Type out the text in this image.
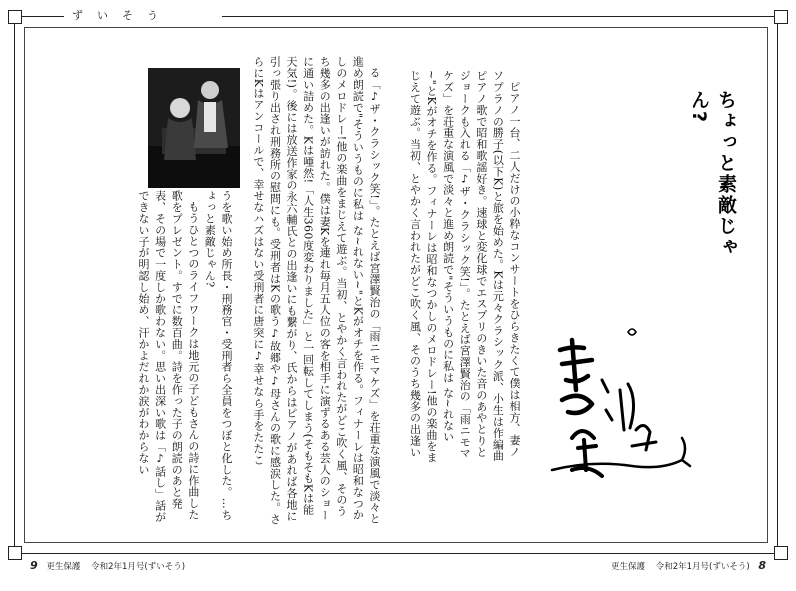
ずいそう
ちょっと素敵じゃん?

ピアノ一台、二人だけの小粋なコンサートをひらきたくて僕は相方、妻ノソプラノの勝子(以下K)と旅を始めた。Kは元々クラシック派、小生は作編曲ピアノ歌で昭和歌謡好き。速球と変化球でエスプリのきいた音のあやとりとジョークも入れる「♪ザ・クラシック笑!」。たとえば宮澤賢治の「雨ニモマケズ」を荘重な演風で淡々と進め朗読で"そういうものに私は な~れない~"とKがオチを作る。フィナーレは昭和なつかしのメロドレー!他の楽曲をまじえて遊ぶ。当初、とやかく言われたがどこ吹く風、そのうち幾多の出逢い

る「♪ザ・クラシック笑!」。たとえば宮澤賢治の「雨ニモマケズ」を荘重な演風で淡々と進め朗読で"そういうものに私は な~れない~"とKがオチを作る。フィナーレは昭和なつかしのメロドレー!他の楽曲をまじえて遊ぶ。当初、とやかく言われたがどこ吹く風、そのうち幾多の出逢いが訪れた。僕は妻Kを連れ毎月五人位の客を相手に演ずるある芸人のショーに通い詰めた。Kは唖然!「人生360度変わりました」と一回転してしまう(そもそもKは能天気!)。後には放送作家の永六輔氏との出逢いにも繋がり、氏からはピアノがあれば各地に引っ張り出され刑務所の慰問にも。受刑者はKの歌う♪故郷や♪母さんの歌に感涙した。さらにKはアンコールで、幸せなハズはない受刑者に唐突に♪幸せなら手をたたこ

うを歌い始め所長・刑務官・受刑者ら全員をつぼと化した。…ちょっと素敵じゃん?

もうひとつのライフワークは地元の子どもさんの詩に作曲した歌をプレゼント。すでに数百曲。詩を作った子の朗読のあと発表、その場で一度しか歌わない。思い出深い歌は「♪話し」話ができない子が明認し始め、汗かよだれか涙がわからない

9 更生保護 令和2年1月号(ずいそう)	更生保護 令和2年1月号(ずいそう) 8
